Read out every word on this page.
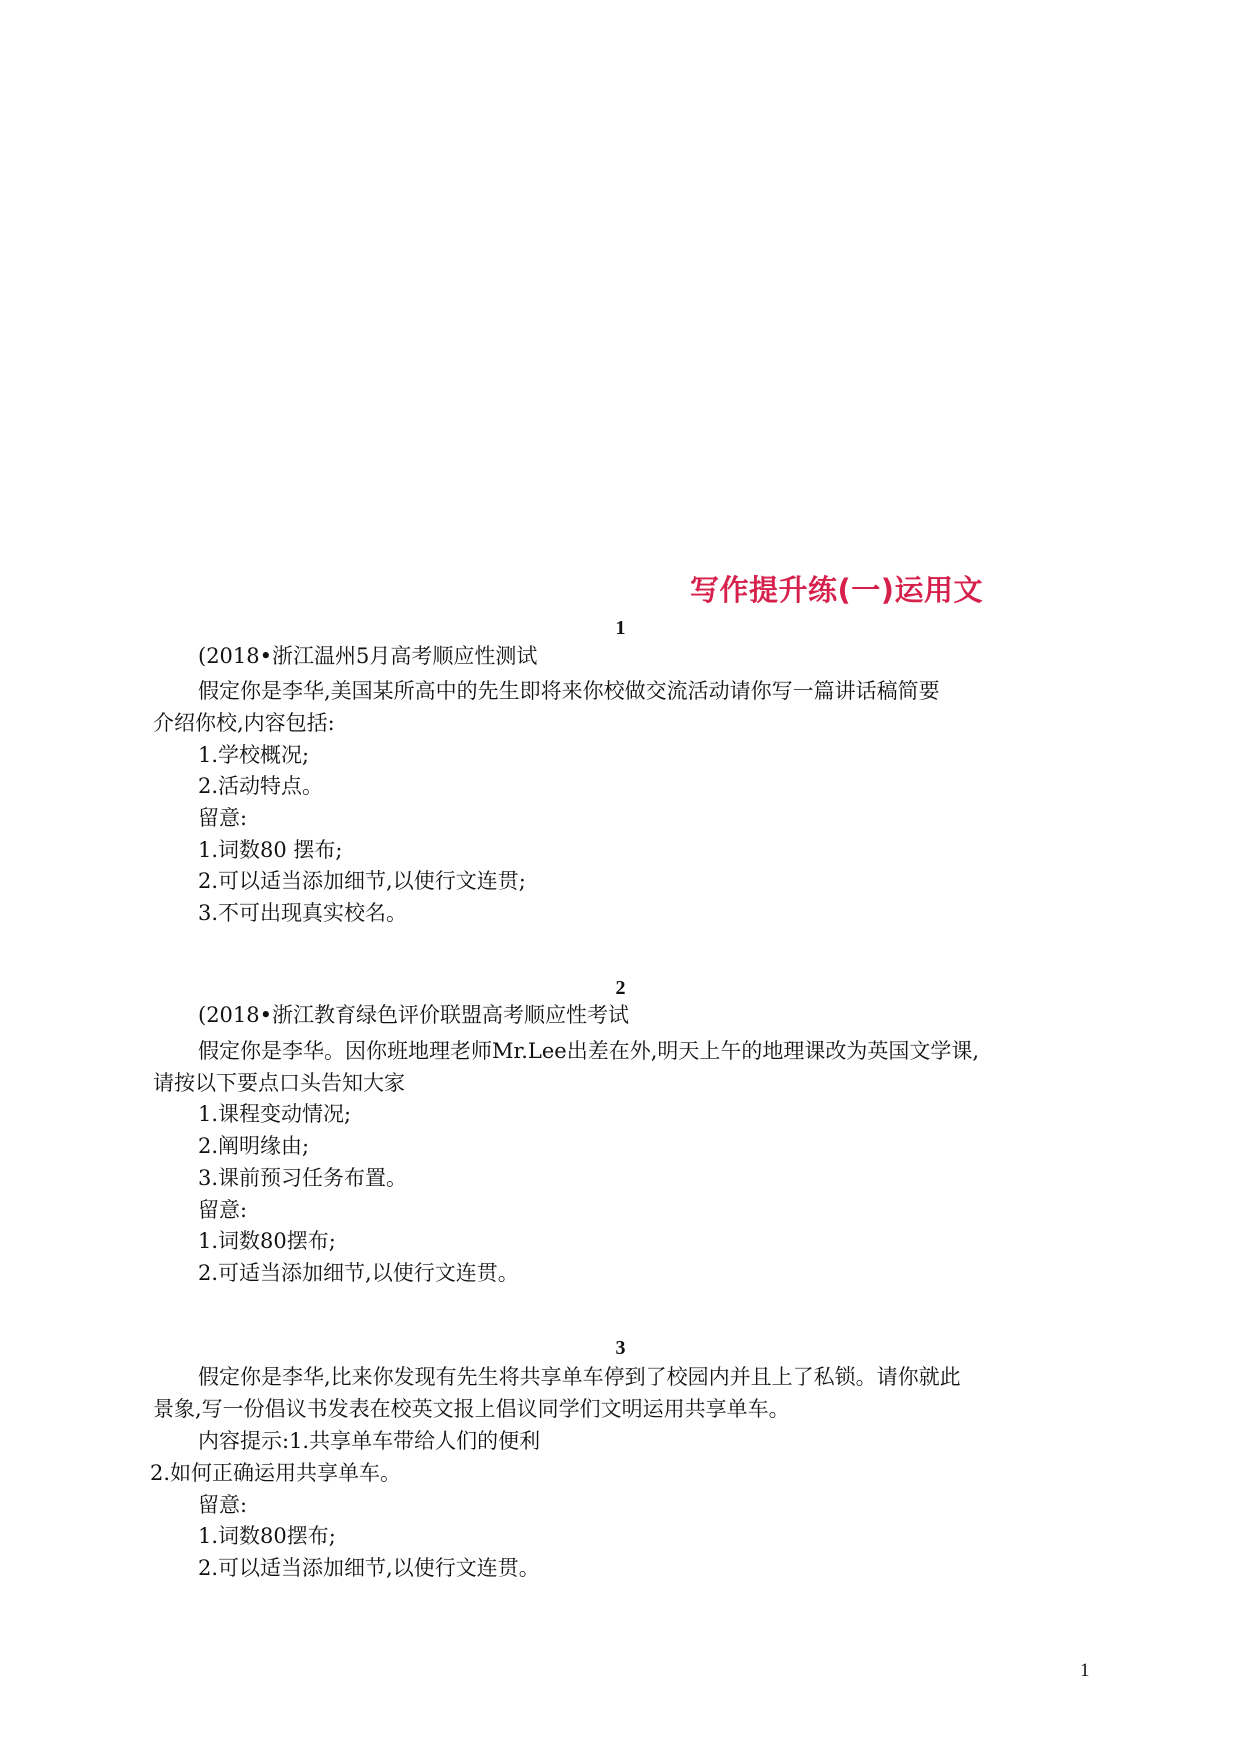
写作提升练(一)运用文
1
(2018•浙江温州5月高考顺应性测试
假定你是李华,美国某所高中的先生即将来你校做交流活动请你写一篇讲话稿简要
介绍你校,内容包括:
1.学校概况;
2.活动特点。
留意:
1.词数80 摆布;
2.可以适当添加细节,以使行文连贯;
3.不可出现真实校名。
2
(2018•浙江教育绿色评价联盟高考顺应性考试
假定你是李华。因你班地理老师Mr.Lee出差在外,明天上午的地理课改为英国文学课,
请按以下要点口头告知大家
1.课程变动情况;
2.阐明缘由;
3.课前预习任务布置。
留意:
1.词数80摆布;
2.可适当添加细节,以使行文连贯。
3
假定你是李华,比来你发现有先生将共享单车停到了校园内并且上了私锁。请你就此
景象,写一份倡议书发表在校英文报上倡议同学们文明运用共享单车。
内容提示:1.共享单车带给人们的便利
2.如何正确运用共享单车。
留意:
1.词数80摆布;
2.可以适当添加细节,以使行文连贯。
1
